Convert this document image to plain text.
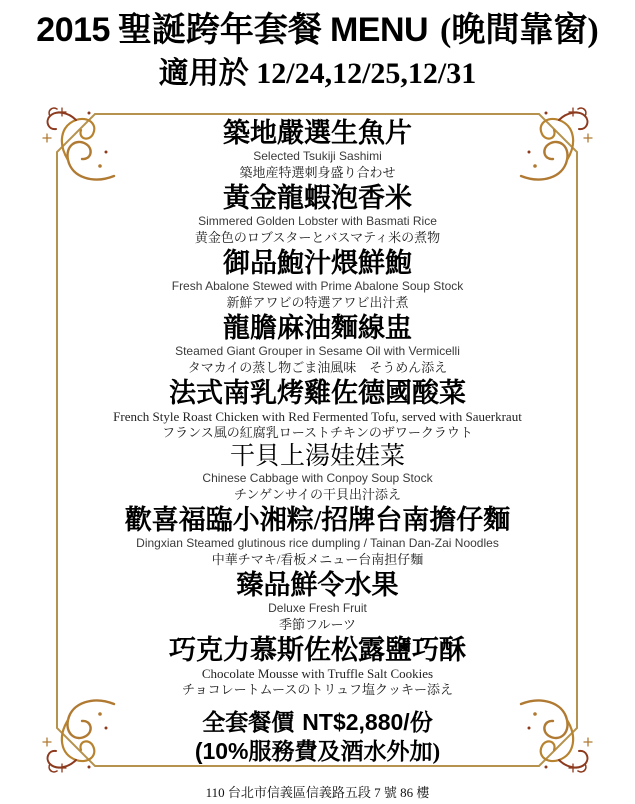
2015 聖誕跨年套餐 MENU (晚間靠窗)
適用於 12/24,12/25,12/31
築地嚴選生魚片
Selected Tsukiji Sashimi
築地産特選刺身盛り合わせ
黃金龍蝦泡香米
Simmered Golden Lobster with Basmati Rice
黄金色のロブスターとバスマティ米の煮物
御品鮑汁煨鮮鮑
Fresh Abalone Stewed with Prime Abalone Soup Stock
新鮮アワビの特選アワビ出汁煮
龍膽麻油麵線盅
Steamed Giant Grouper in Sesame Oil with Vermicelli
タマカイの蒸し物ごま油風味　そうめん添え
法式南乳烤雞佐德國酸菜
French Style Roast Chicken with Red Fermented Tofu, served with Sauerkraut
フランス風の紅腐乳ローストチキンのザワークラウト
干貝上湯娃娃菜
Chinese Cabbage with Conpoy Soup Stock
チンゲンサイの干貝出汁添え
歡喜福臨小湘粽/招牌台南擔仔麵
Dingxian Steamed glutinous rice dumpling / Tainan Dan-Zai Noodles
中華チマキ/看板メニュー台南担仔麵
臻品鮮令水果
Deluxe Fresh Fruit
季節フルーツ
巧克力慕斯佐松露鹽巧酥
Chocolate Mousse with Truffle Salt Cookies
チョコレートムースのトリュフ塩クッキー添え
全套餐價 NT$2,880/份
(10%服務費及酒水外加)
110 台北市信義區信義路五段 7 號 86 樓
